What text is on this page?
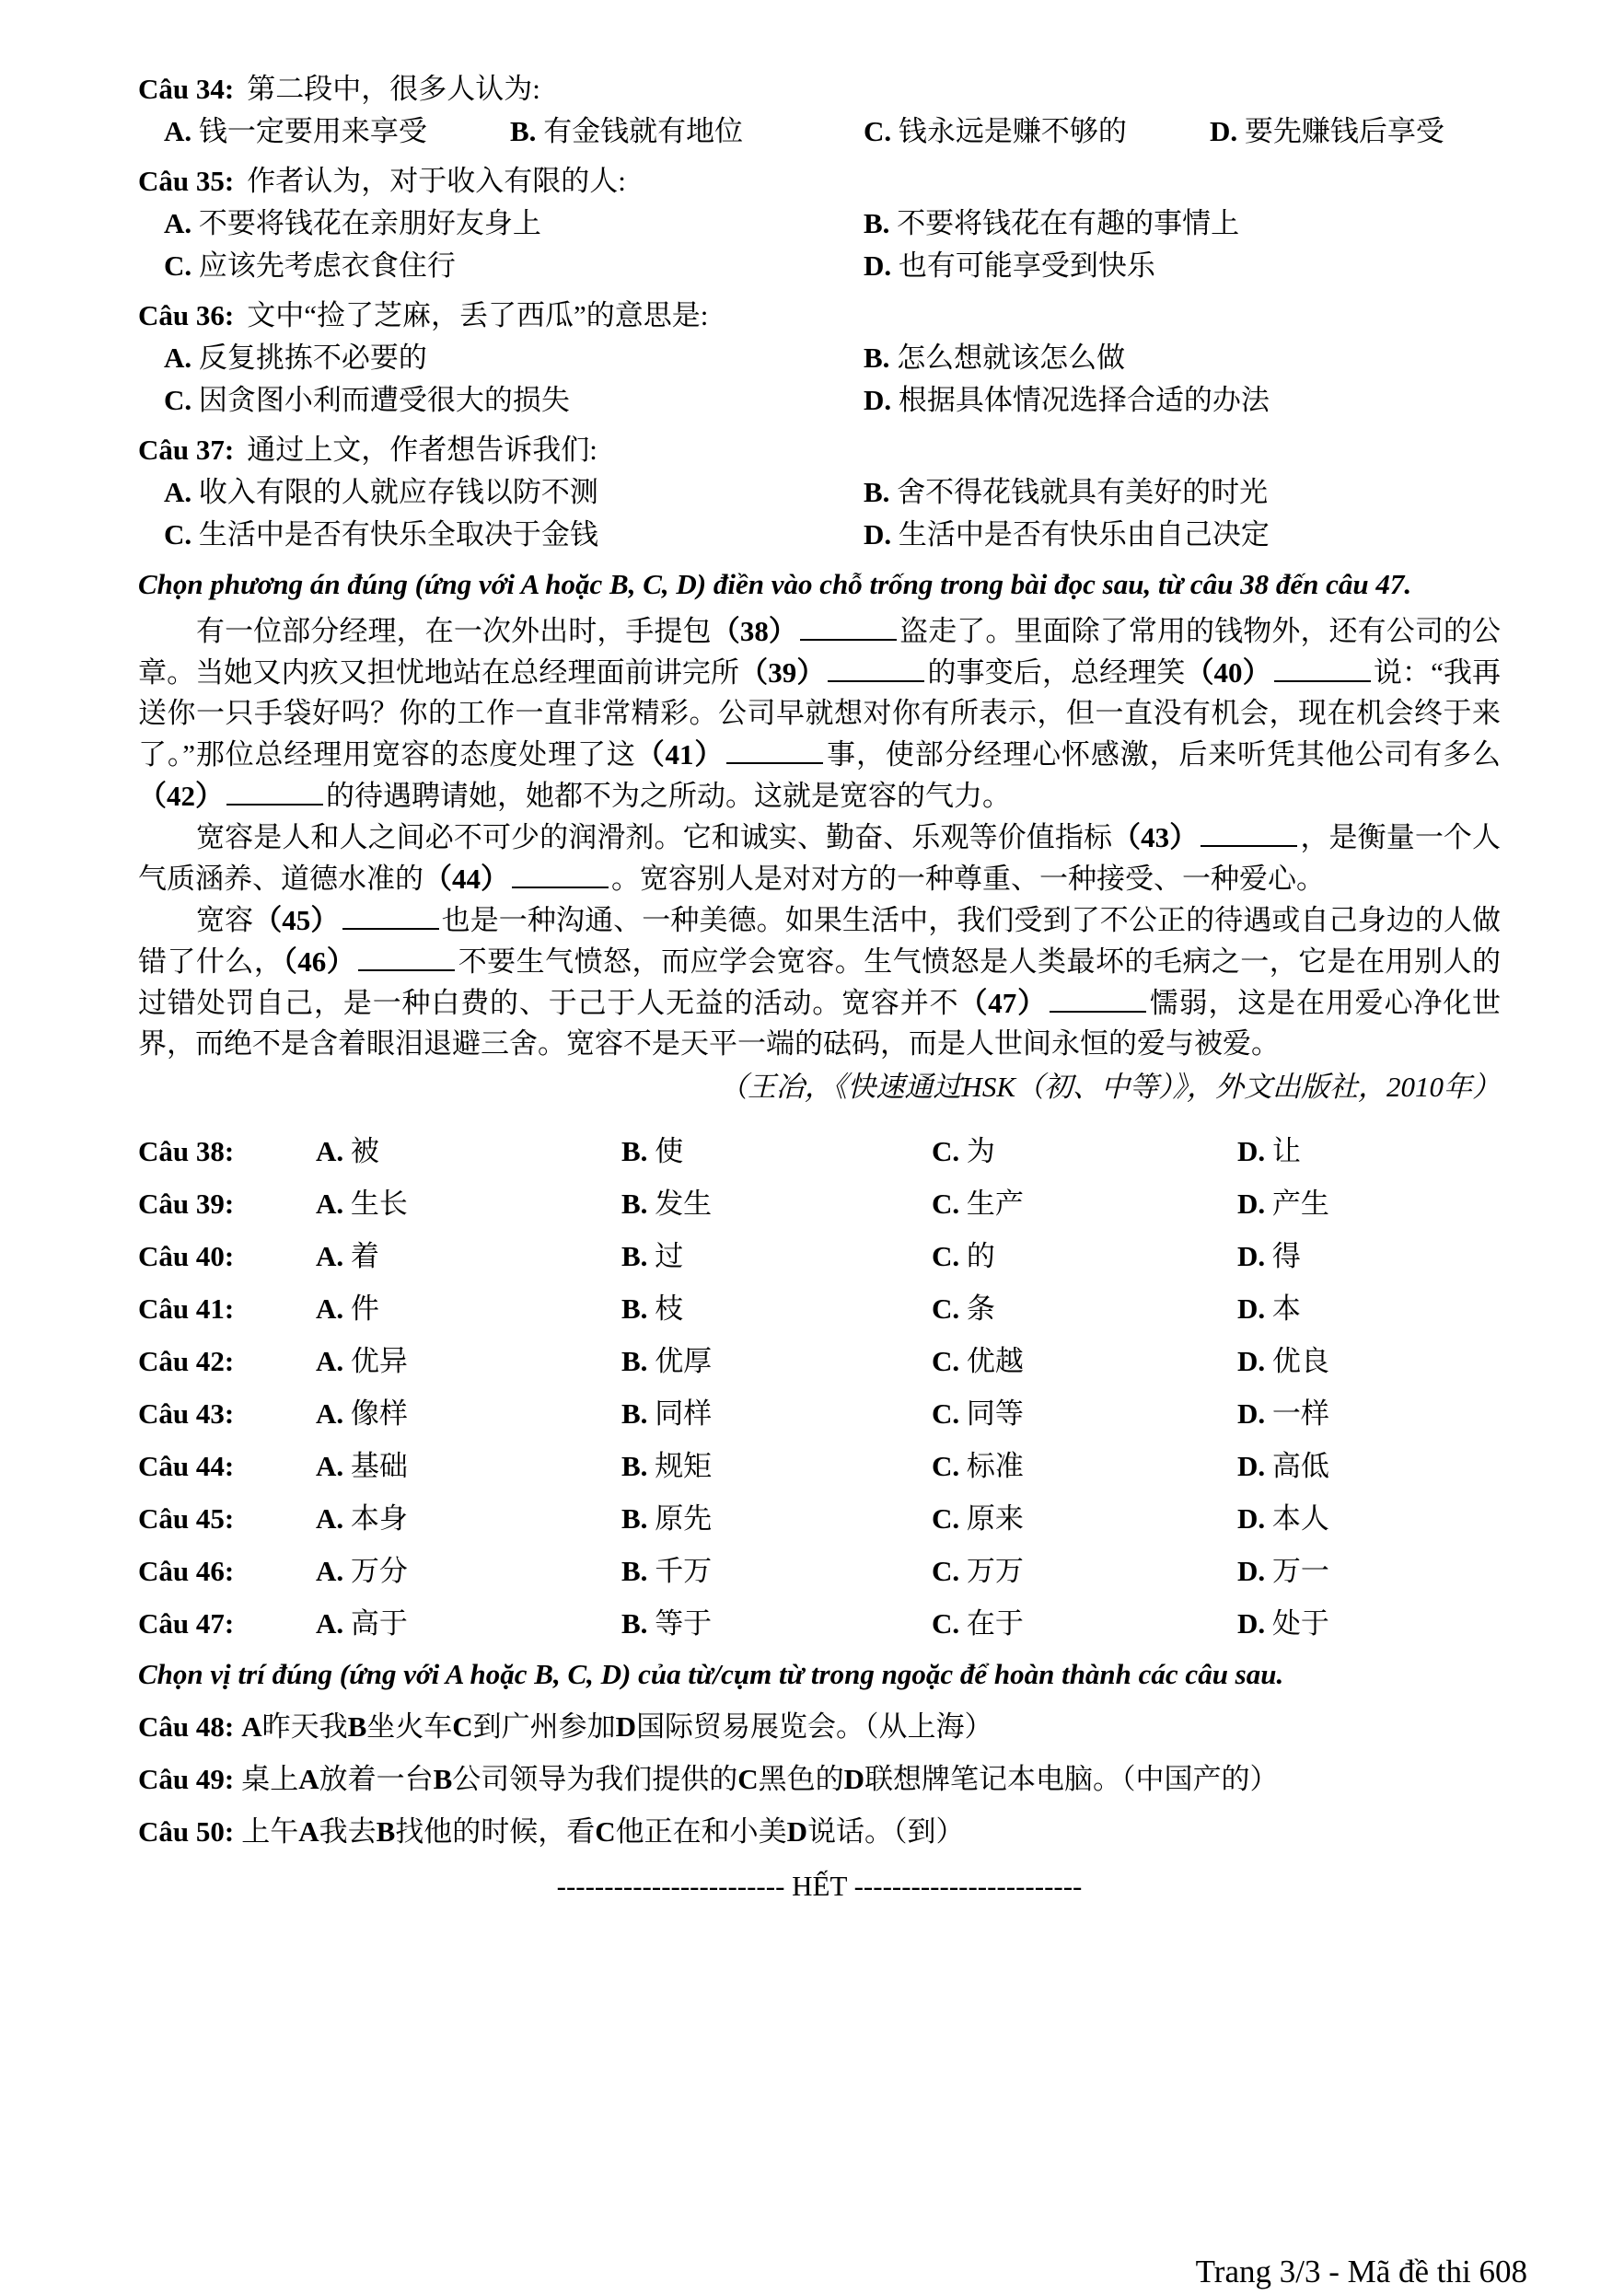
Câu 34: 第二段中，很多人认为:
A. 钱一定要用来享受	B. 有金钱就有地位	C. 钱永远是赚不够的	D. 要先赚钱后享受
Câu 35: 作者认为，对于收入有限的人:
A. 不要将钱花在亲朋好友身上	B. 不要将钱花在有趣的事情上
C. 应该先考虑衣食住行	D. 也有可能享受到快乐
Câu 36: 文中“捡了芝麻，丢了西瓜”的意思是:
A. 反复挑拣不必要的	B. 怎么想就该怎么做
C. 因贪图小利而遭受很大的损失	D. 根据具体情况选择合适的办法
Câu 37: 通过上文，作者想告诉我们:
A. 收入有限的人就应存钱以防不测	B. 舍不得花钱就具有美好的时光
C. 生活中是否有快乐全取决于金钱	D. 生活中是否有快乐由自己决定
Chọn phương án đúng (ứng với A hoặc B, C, D) điền vào chỗ trống trong bài đọc sau, từ câu 38 đến câu 47.

有一位部分经理，在一次外出时，手提包（38）	盗走了。里面除了常用的钱物外，还有公司的公章。当她又内疚又担忧地站在总经理面前讲完所（39）	的事变后，总经理笑（40）	说：“我再送你一只手袋好吗？你的工作一直非常精彩。公司早就想对你有所表示，但一直没有机会，现在机会终于来了。”那位总经理用宽容的态度处理了这（41）	事，使部分经理心怀感激，后来听凭其他公司有多么（42）	的待遇聘请她，她都不为之所动。这就是宽容的气力。

宽容是人和人之间必不可少的润滑剂。它和诚实、勤奋、乐观等价值指标（43）	，是衡量一个人气质涵养、道德水准的（44）	。宽容别人是对对方的一种尊重、一种接受、一种爱心。

宽容（45）	也是一种沟通、一种美德。如果生活中，我们受到了不公正的待遇或自己身边的人做错了什么，（46）	不要生气愤怒，而应学会宽容。生气愤怒是人类最坏的毛病之一，它是在用别人的过错处罚自己，是一种白费的、于己于人无益的活动。宽容并不（47）	懦弱，这是在用爱心净化世界，而绝不是含着眼泪退避三舍。宽容不是天平一端的砝码，而是人世间永恒的爱与被爱。

（王冶，《快速通过HSK（初、中等）》，外文出版社，2010年）
Câu 38:	A. 被	B. 使	C. 为	D. 让
Câu 39:	A. 生长	B. 发生	C. 生产	D. 产生
Câu 40:	A. 着	B. 过	C. 的	D. 得
Câu 41:	A. 件	B. 枝	C. 条	D. 本
Câu 42:	A. 优异	B. 优厚	C. 优越	D. 优良
Câu 43:	A. 像样	B. 同样	C. 同等	D. 一样
Câu 44:	A. 基础	B. 规矩	C. 标准	D. 高低
Câu 45:	A. 本身	B. 原先	C. 原来	D. 本人
Câu 46:	A. 万分	B. 千万	C. 万万	D. 万一
Câu 47:	A. 高于	B. 等于	C. 在于	D. 处于
Chọn vị trí đúng (ứng với A hoặc B, C, D) của từ/cụm từ trong ngoặc để hoàn thành các câu sau.
Câu 48: A昨天我B坐火车C到广州参加D国际贸易展览会。（从上海）
Câu 49: 桌上A放着一台B公司领导为我们提供的C黑色的D联想牌笔记本电脑。（中国产的）
Câu 50: 上午A我去B找他的时候，看C他正在和小美D说话。（到）
------------------------ HẾT ------------------------
Trang 3/3 - Mã đề thi 608
